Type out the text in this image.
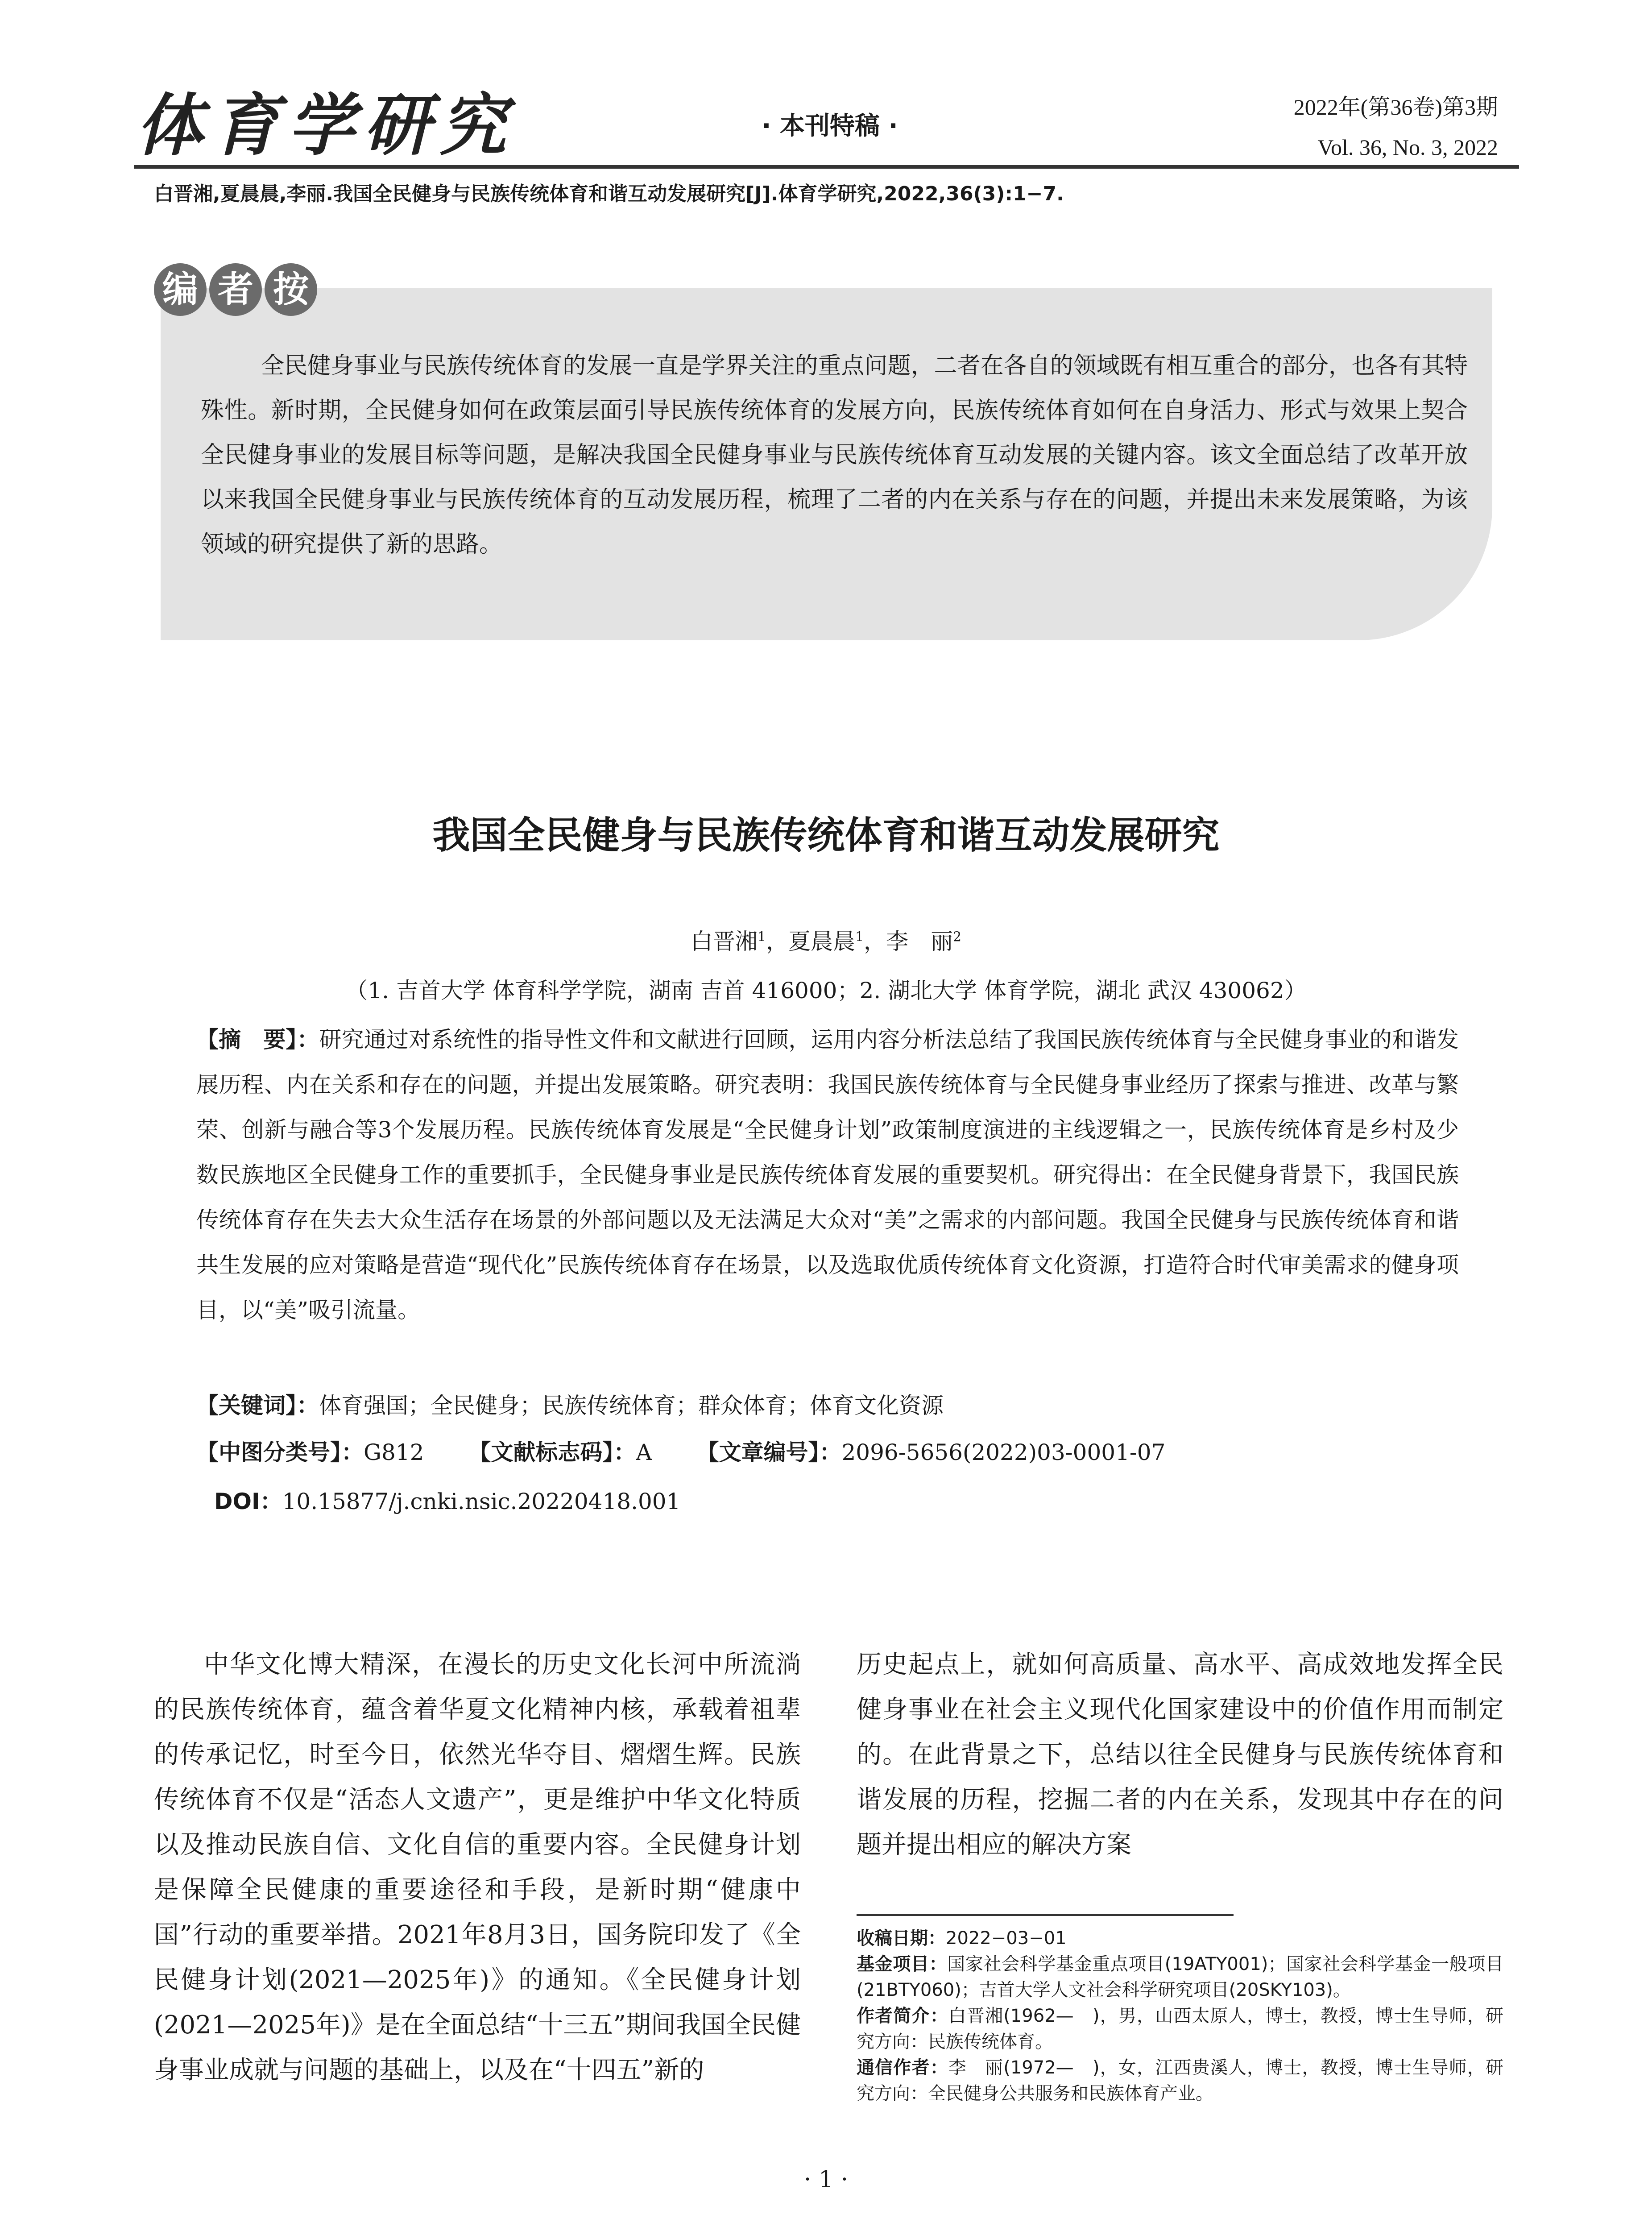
体育学研究	· 本刊特稿 ·
2022年(第36卷)第3期
Vol. 36, No. 3, 2022
白晋湘,夏晨晨,李丽.我国全民健身与民族传统体育和谐互动发展研究[J].体育学研究,2022,36(3):1−7.
编 者 按

全民健身事业与民族传统体育的发展一直是学界关注的重点问题，二者在各自的领域既有相互重合的部分，也各有其特殊性。新时期，全民健身如何在政策层面引导民族传统体育的发展方向，民族传统体育如何在自身活力、形式与效果上契合全民健身事业的发展目标等问题，是解决我国全民健身事业与民族传统体育互动发展的关键内容。该文全面总结了改革开放以来我国全民健身事业与民族传统体育的互动发展历程，梳理了二者的内在关系与存在的问题，并提出未来发展策略，为该领域的研究提供了新的思路。

我国全民健身与民族传统体育和谐互动发展研究
白晋湘$^1$，夏晨晨$^1$，李　丽$^2$
（1. 吉首大学 体育科学学院，湖南 吉首 416000；2. 湖北大学 体育学院，湖北 武汉 430062）

【摘　要】：研究通过对系统性的指导性文件和文献进行回顾，运用内容分析法总结了我国民族传统体育与全民健身事业的和谐发展历程、内在关系和存在的问题，并提出发展策略。研究表明：我国民族传统体育与全民健身事业经历了探索与推进、改革与繁荣、创新与融合等3个发展历程。民族传统体育发展是“全民健身计划”政策制度演进的主线逻辑之一，民族传统体育是乡村及少数民族地区全民健身工作的重要抓手，全民健身事业是民族传统体育发展的重要契机。研究得出：在全民健身背景下，我国民族传统体育存在失去大众生活存在场景的外部问题以及无法满足大众对“美”之需求的内部问题。我国全民健身与民族传统体育和谐共生发展的应对策略是营造“现代化”民族传统体育存在场景，以及选取优质传统体育文化资源，打造符合时代审美需求的健身项目，以“美”吸引流量。

【关键词】：体育强国；全民健身；民族传统体育；群众体育；体育文化资源
【中图分类号】：G812 【文献标志码】：A 【文章编号】：2096-5656(2022)03-0001-07
DOI：10.15877/j.cnki.nsic.20220418.001

中华文化博大精深，在漫长的历史文化长河中所流淌的民族传统体育，蕴含着华夏文化精神内核，承载着祖辈的传承记忆，时至今日，依然光华夺目、熠熠生辉。民族传统体育不仅是“活态人文遗产”，更是维护中华文化特质以及推动民族自信、文化自信的重要内容。全民健身计划是保障全民健康的重要途径和手段，是新时期“健康中国”行动的重要举措。2021年8月3日，国务院印发了《全民健身计划(2021—2025年)》的通知。《全民健身计划(2021—2025年)》是在全面总结“十三五”期间我国全民健身事业成就与问题的基础上，以及在“十四五”新的

历史起点上，就如何高质量、高水平、高成效地发挥全民健身事业在社会主义现代化国家建设中的价值作用而制定的。在此背景之下，总结以往全民健身与民族传统体育和谐发展的历程，挖掘二者的内在关系，发现其中存在的问题并提出相应的解决方案

收稿日期：2022−03−01

基金项目：国家社会科学基金重点项目(19ATY001)；国家社会科学基金一般项目(21BTY060)；吉首大学人文社会科学研究项目(20SKY103)。

作者简介：白晋湘(1962—　)，男，山西太原人，博士，教授，博士生导师，研究方向：民族传统体育。

通信作者：李　丽(1972—　)，女，江西贵溪人，博士，教授，博士生导师，研究方向：全民健身公共服务和民族体育产业。

· 1 ·
